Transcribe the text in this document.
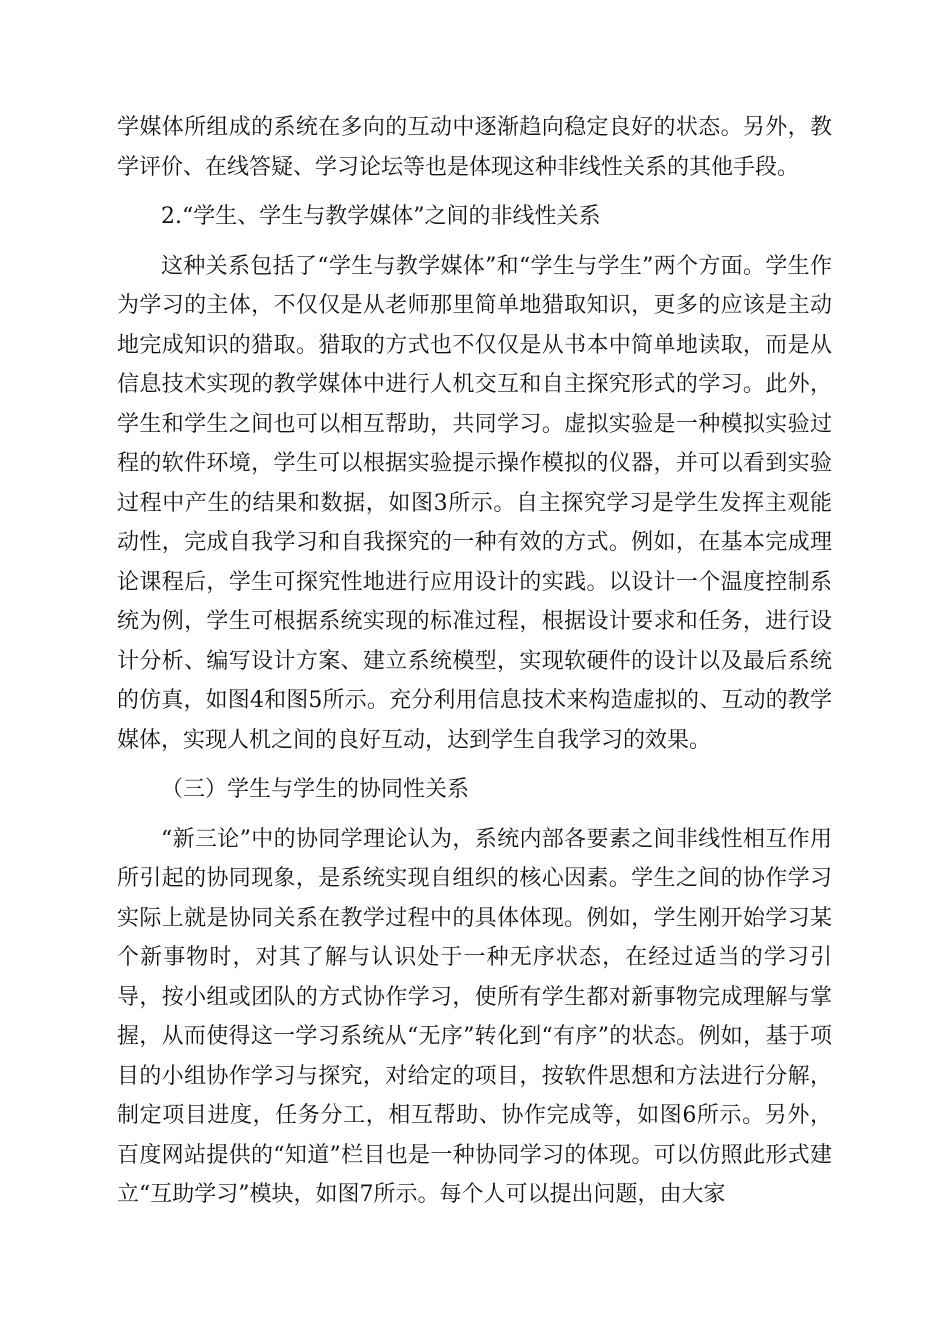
学媒体所组成的系统在多向的互动中逐渐趋向稳定良好的状态。另外，教学评价、在线答疑、学习论坛等也是体现这种非线性关系的其他手段。

2.“学生、学生与教学媒体”之间的非线性关系

这种关系包括了“学生与教学媒体”和“学生与学生”两个方面。学生作为学习的主体，不仅仅是从老师那里简单地猎取知识，更多的应该是主动地完成知识的猎取。猎取的方式也不仅仅是从书本中简单地读取，而是从信息技术实现的教学媒体中进行人机交互和自主探究形式的学习。此外，学生和学生之间也可以相互帮助，共同学习。虚拟实验是一种模拟实验过程的软件环境，学生可以根据实验提示操作模拟的仪器，并可以看到实验过程中产生的结果和数据，如图3所示。自主探究学习是学生发挥主观能动性，完成自我学习和自我探究的一种有效的方式。例如，在基本完成理论课程后，学生可探究性地进行应用设计的实践。以设计一个温度控制系统为例，学生可根据系统实现的标准过程，根据设计要求和任务，进行设计分析、编写设计方案、建立系统模型，实现软硬件的设计以及最后系统的仿真，如图4和图5所示。充分利用信息技术来构造虚拟的、互动的教学媒体，实现人机之间的良好互动，达到学生自我学习的效果。

（三）学生与学生的协同性关系

“新三论”中的协同学理论认为，系统内部各要素之间非线性相互作用所引起的协同现象，是系统实现自组织的核心因素。学生之间的协作学习实际上就是协同关系在教学过程中的具体体现。例如，学生刚开始学习某个新事物时，对其了解与认识处于一种无序状态，在经过适当的学习引导，按小组或团队的方式协作学习，使所有学生都对新事物完成理解与掌握，从而使得这一学习系统从“无序”转化到“有序”的状态。例如，基于项目的小组协作学习与探究，对给定的项目，按软件思想和方法进行分解，制定项目进度，任务分工，相互帮助、协作完成等，如图6所示。另外，百度网站提供的“知道”栏目也是一种协同学习的体现。可以仿照此形式建立“互助学习”模块，如图7所示。每个人可以提出问题，由大家
